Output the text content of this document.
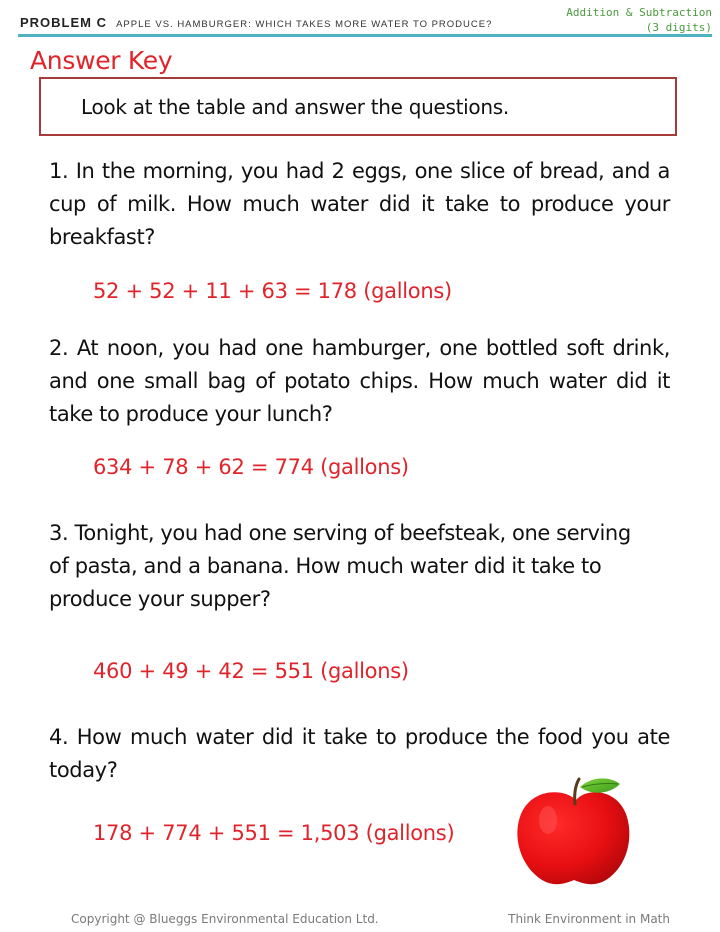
PROBLEM C APPLE VS. HAMBURGER: WHICH TAKES MORE WATER TO PRODUCE?
Addition & Subtraction
(3 digits)
Answer Key
Look at the table and answer the questions.
1. In the morning, you had 2 eggs, one slice of bread, and a cup of milk. How much water did it take to produce your breakfast?
52 + 52 + 11 + 63 = 178 (gallons)
2. At noon, you had one hamburger, one bottled soft drink, and one small bag of potato chips. How much water did it take to produce your lunch?
634 + 78 + 62 = 774 (gallons)
3. Tonight, you had one serving of beefsteak, one serving of pasta, and a banana. How much water did it take to produce your supper?
460 + 49 + 42 = 551 (gallons)
4. How much water did it take to produce the food you ate today?
178 + 774 + 551 = 1,503 (gallons)
Copyright @ Blueggs Environmental Education Ltd.	Think Environment in Math
